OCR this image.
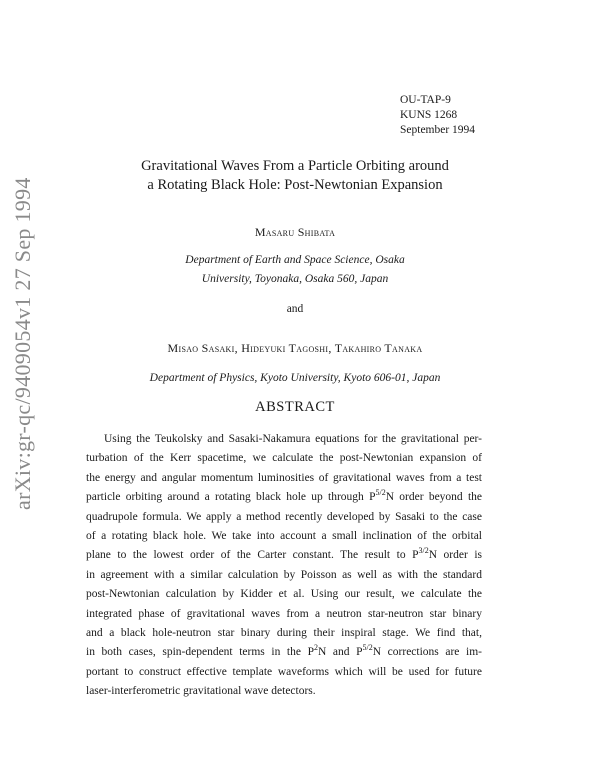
arXiv:gr-qc/9409054v1 27 Sep 1994
OU-TAP-9
KUNS 1268
September 1994
Gravitational Waves From a Particle Orbiting around
a Rotating Black Hole: Post-Newtonian Expansion
Masaru Shibata
Department of Earth and Space Science, Osaka
University, Toyonaka, Osaka 560, Japan
and
Misao Sasaki, Hideyuki Tagoshi, Takahiro Tanaka
Department of Physics, Kyoto University, Kyoto 606-01, Japan
ABSTRACT
Using the Teukolsky and Sasaki-Nakamura equations for the gravitational per-
turbation of the Kerr spacetime, we calculate the post-Newtonian expansion of
the energy and angular momentum luminosities of gravitational waves from a test
particle orbiting around a rotating black hole up through $P^{5/2}N$ order beyond the
quadrupole formula. We apply a method recently developed by Sasaki to the case
of a rotating black hole. We take into account a small inclination of the orbital
plane to the lowest order of the Carter constant. The result to $P^{3/2}N$ order is
in agreement with a similar calculation by Poisson as well as with the standard
post-Newtonian calculation by Kidder et al. Using our result, we calculate the
integrated phase of gravitational waves from a neutron star-neutron star binary
and a black hole-neutron star binary during their inspiral stage. We find that,
in both cases, spin-dependent terms in the $P^2N$ and $P^{5/2}N$ corrections are im-
portant to construct effective template waveforms which will be used for future
laser-interferometric gravitational wave detectors.
